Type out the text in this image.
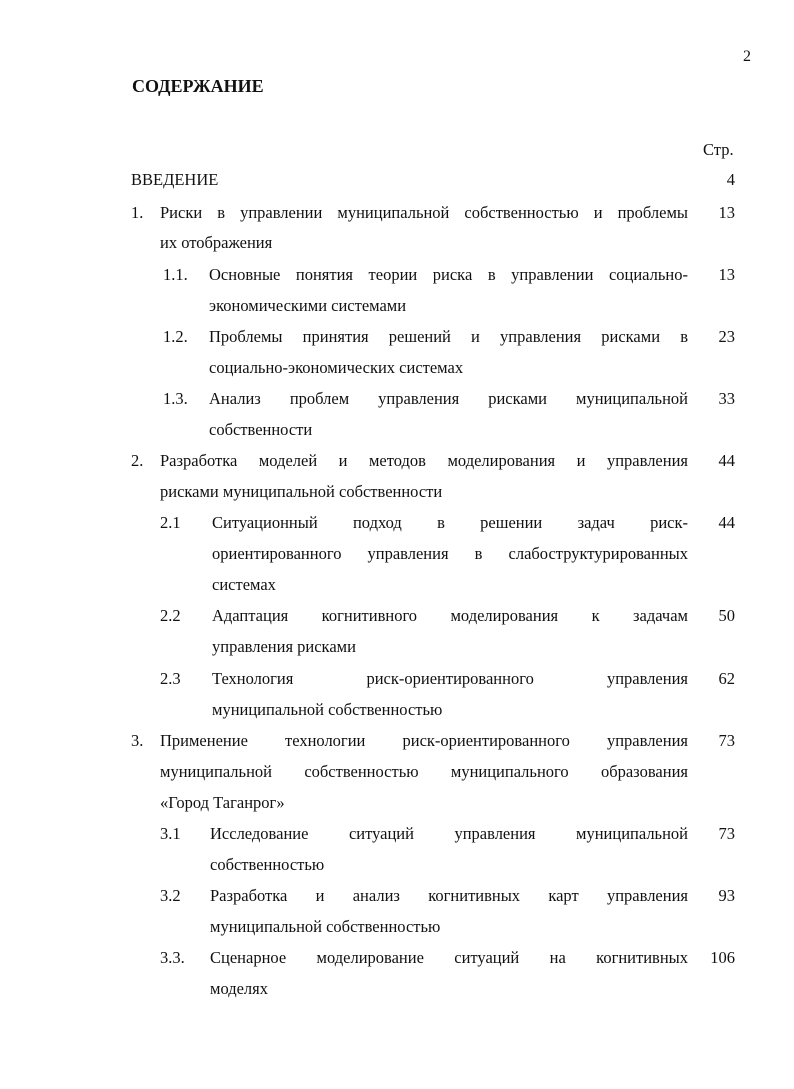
2
СОДЕРЖАНИЕ
Стр.
ВВЕДЕНИЕ	4
1. Риски в управлении муниципальной собственностью и проблемы
их отображения
13
1.1. Основные понятия теории риска в управлении социально-
экономическими системами
13
1.2. Проблемы принятия решений и управления рисками в
социально-экономических системах
23
1.3. Анализ проблем управления рисками муниципальной
собственности
33
2. Разработка моделей и методов моделирования и управления
рисками муниципальной собственности
44
2.1 Ситуационный подход в решении задач риск-
ориентированного управления в слабоструктурированных
системах
44
2.2 Адаптация когнитивного моделирования к задачам
управления рисками
50
2.3 Технология риск-ориентированного управления
муниципальной собственностью
62
3. Применение технологии риск-ориентированного управления
муниципальной собственностью муниципального образования
«Город Таганрог»
73
3.1 Исследование ситуаций управления муниципальной
собственностью
73
3.2 Разработка и анализ когнитивных карт управления
муниципальной собственностью
93
3.3. Сценарное моделирование ситуаций на когнитивных
моделях
106
